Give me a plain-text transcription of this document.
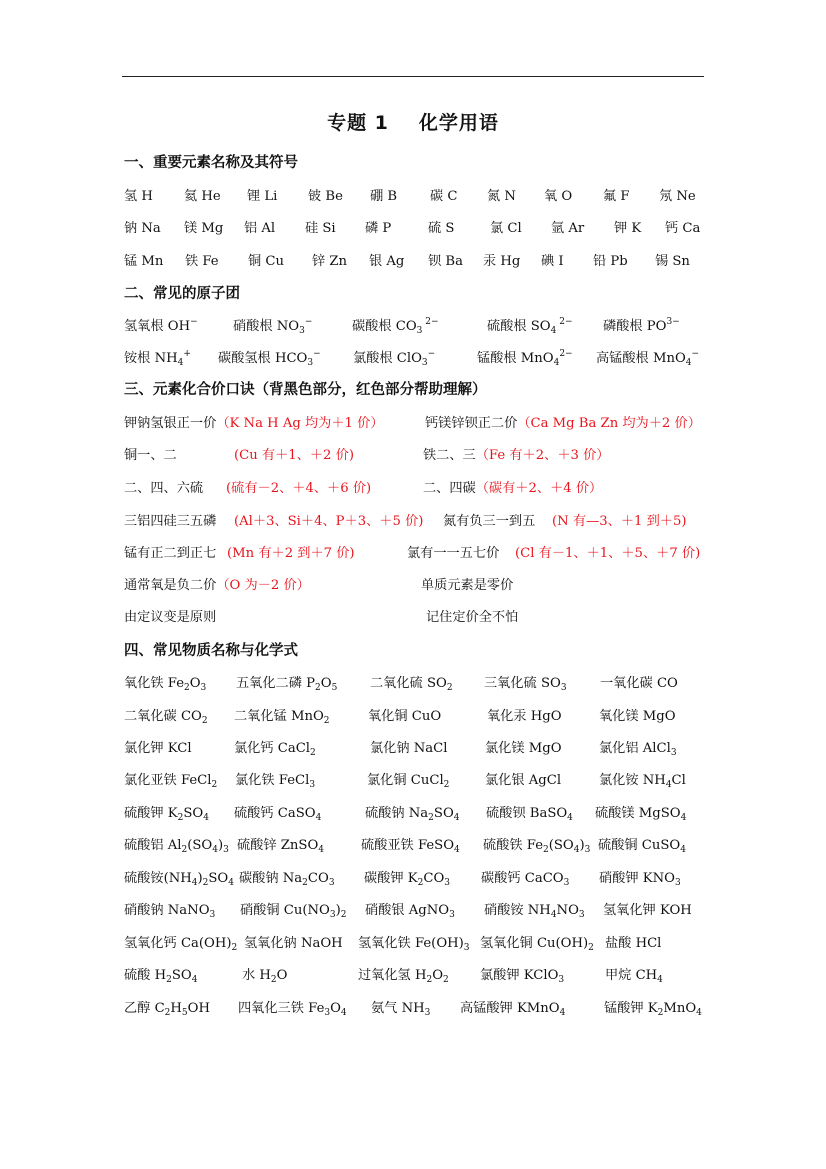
专题 1 化学用语
一、重要元素名称及其符号
氢 H 氦 He 锂 Li 铍 Be 硼 B 碳 C 氮 N 氧 O 氟 F 氖 Ne
钠 Na 镁 Mg 铝 Al 硅 Si 磷 P	硫 S	氯 Cl 氩 Ar 钾 K 钙 Ca
锰 Mn 铁 Fe 铜 Cu 锌 Zn 银 Ag 钡 Ba 汞 Hg 碘 I 铅 Pb 锡 Sn
二、常见的原子团
氢氧根 OH−	硝酸根 $NO_3^-$	碳酸根 $CO_3$ $^{2-}$	硫酸根 $SO_4$ $^{2-}$ 磷酸根 $PO^{3-}$
铵根 $NH_4^+$ 碳酸氢根 $HCO_3^-$ 氯酸根 ClO$_3$−	锰酸根 MnO$_4^{2-}$ 高锰酸根 MnO$_4$−
三、元素化合价口诀（背黑色部分，红色部分帮助理解）
钾钠氢银正一价（K Na H Ag 均为＋1 价）	钙镁锌钡正二价（Ca Mg Ba Zn 均为＋2 价）
铜一、二	(Cu 有＋1、＋2 价)	铁二、三（Fe 有＋2、＋3 价）
二、四、六硫 (硫有－2、＋4、＋6 价)	二、四碳（碳有＋2、＋4 价）
三铝四硅三五磷 (Al＋3、Si＋4、P＋3、＋5 价) 氮有负三一到五 (N 有—3、＋1 到＋5)
锰有正二到正七 (Mn 有＋2 到＋7 价)	氯有一一五七价 (Cl 有－1、＋1、＋5、＋7 价)
通常氧是负二价（O 为－2 价）	单质元素是零价
由定议变是原则	记住定价全不怕
四、常见物质名称与化学式
氧化铁 $Fe_2O_3$ 五氧化二磷 $P_2O_5$ 二氧化硫 $SO_2$ 三氧化硫 $SO_3$	一氧化碳 CO
二氧化碳 $CO_2$ 二氧化锰 MnO$_2$	氧化铜 CuO	氧化汞 HgO	氧化镁 MgO
氯化钾 KCl	氯化钙 CaCl$_2$	氯化钠 NaCl	氯化镁 MgO	氯化铝 AlCl$_3$
氯化亚铁 FeCl$_2$ 氯化铁 FeCl$_3$	氯化铜 CuCl$_2$	氯化银 AgCl	氯化铵 $NH_4Cl$
硫酸钾 $K_2SO_4$ 硫酸钙 CaSO$_4$	硫酸钠 $Na_2SO_4$ 硫酸钡 BaSO$_4$ 硫酸镁 MgSO$_4$
硫酸铝 $Al_2(SO_4)_3$ 硫酸锌 ZnSO$_4$	硫酸亚铁 FeSO$_4$ 硫酸铁 $Fe_2(SO_4)_3$ 硫酸铜 CuSO$_4$
硫酸铵$(NH_4)_2SO_4$ 碳酸钠 $Na_2CO_3$ 碳酸钾 $K_2CO_3$ 碳酸钙 CaCO$_3$ 硝酸钾 $KNO_3$
硝酸钠 NaNO$_3$ 硝酸铜 $Cu(NO_3)_2$ 硝酸银 AgNO$_3$ 硝酸铵 $NH_4NO_3$ 氢氧化钾 KOH
氢氧化钙 $Ca(OH)_2$ 氢氧化钠 NaOH 氢氧化铁 $Fe(OH)_3$ 氢氧化铜 $Cu(OH)_2$ 盐酸 HCl
硫酸 $H_2SO_4$	水 $H_2O$	过氧化氢 $H_2O_2$ 氯酸钾 KClO$_3$	甲烷 $CH_4$
乙醇 $C_2H_5OH$ 四氧化三铁 $Fe_3O_4$ 氨气 $NH_3$ 高锰酸钾 KMnO$_4$	锰酸钾 $K_2MnO_4$
